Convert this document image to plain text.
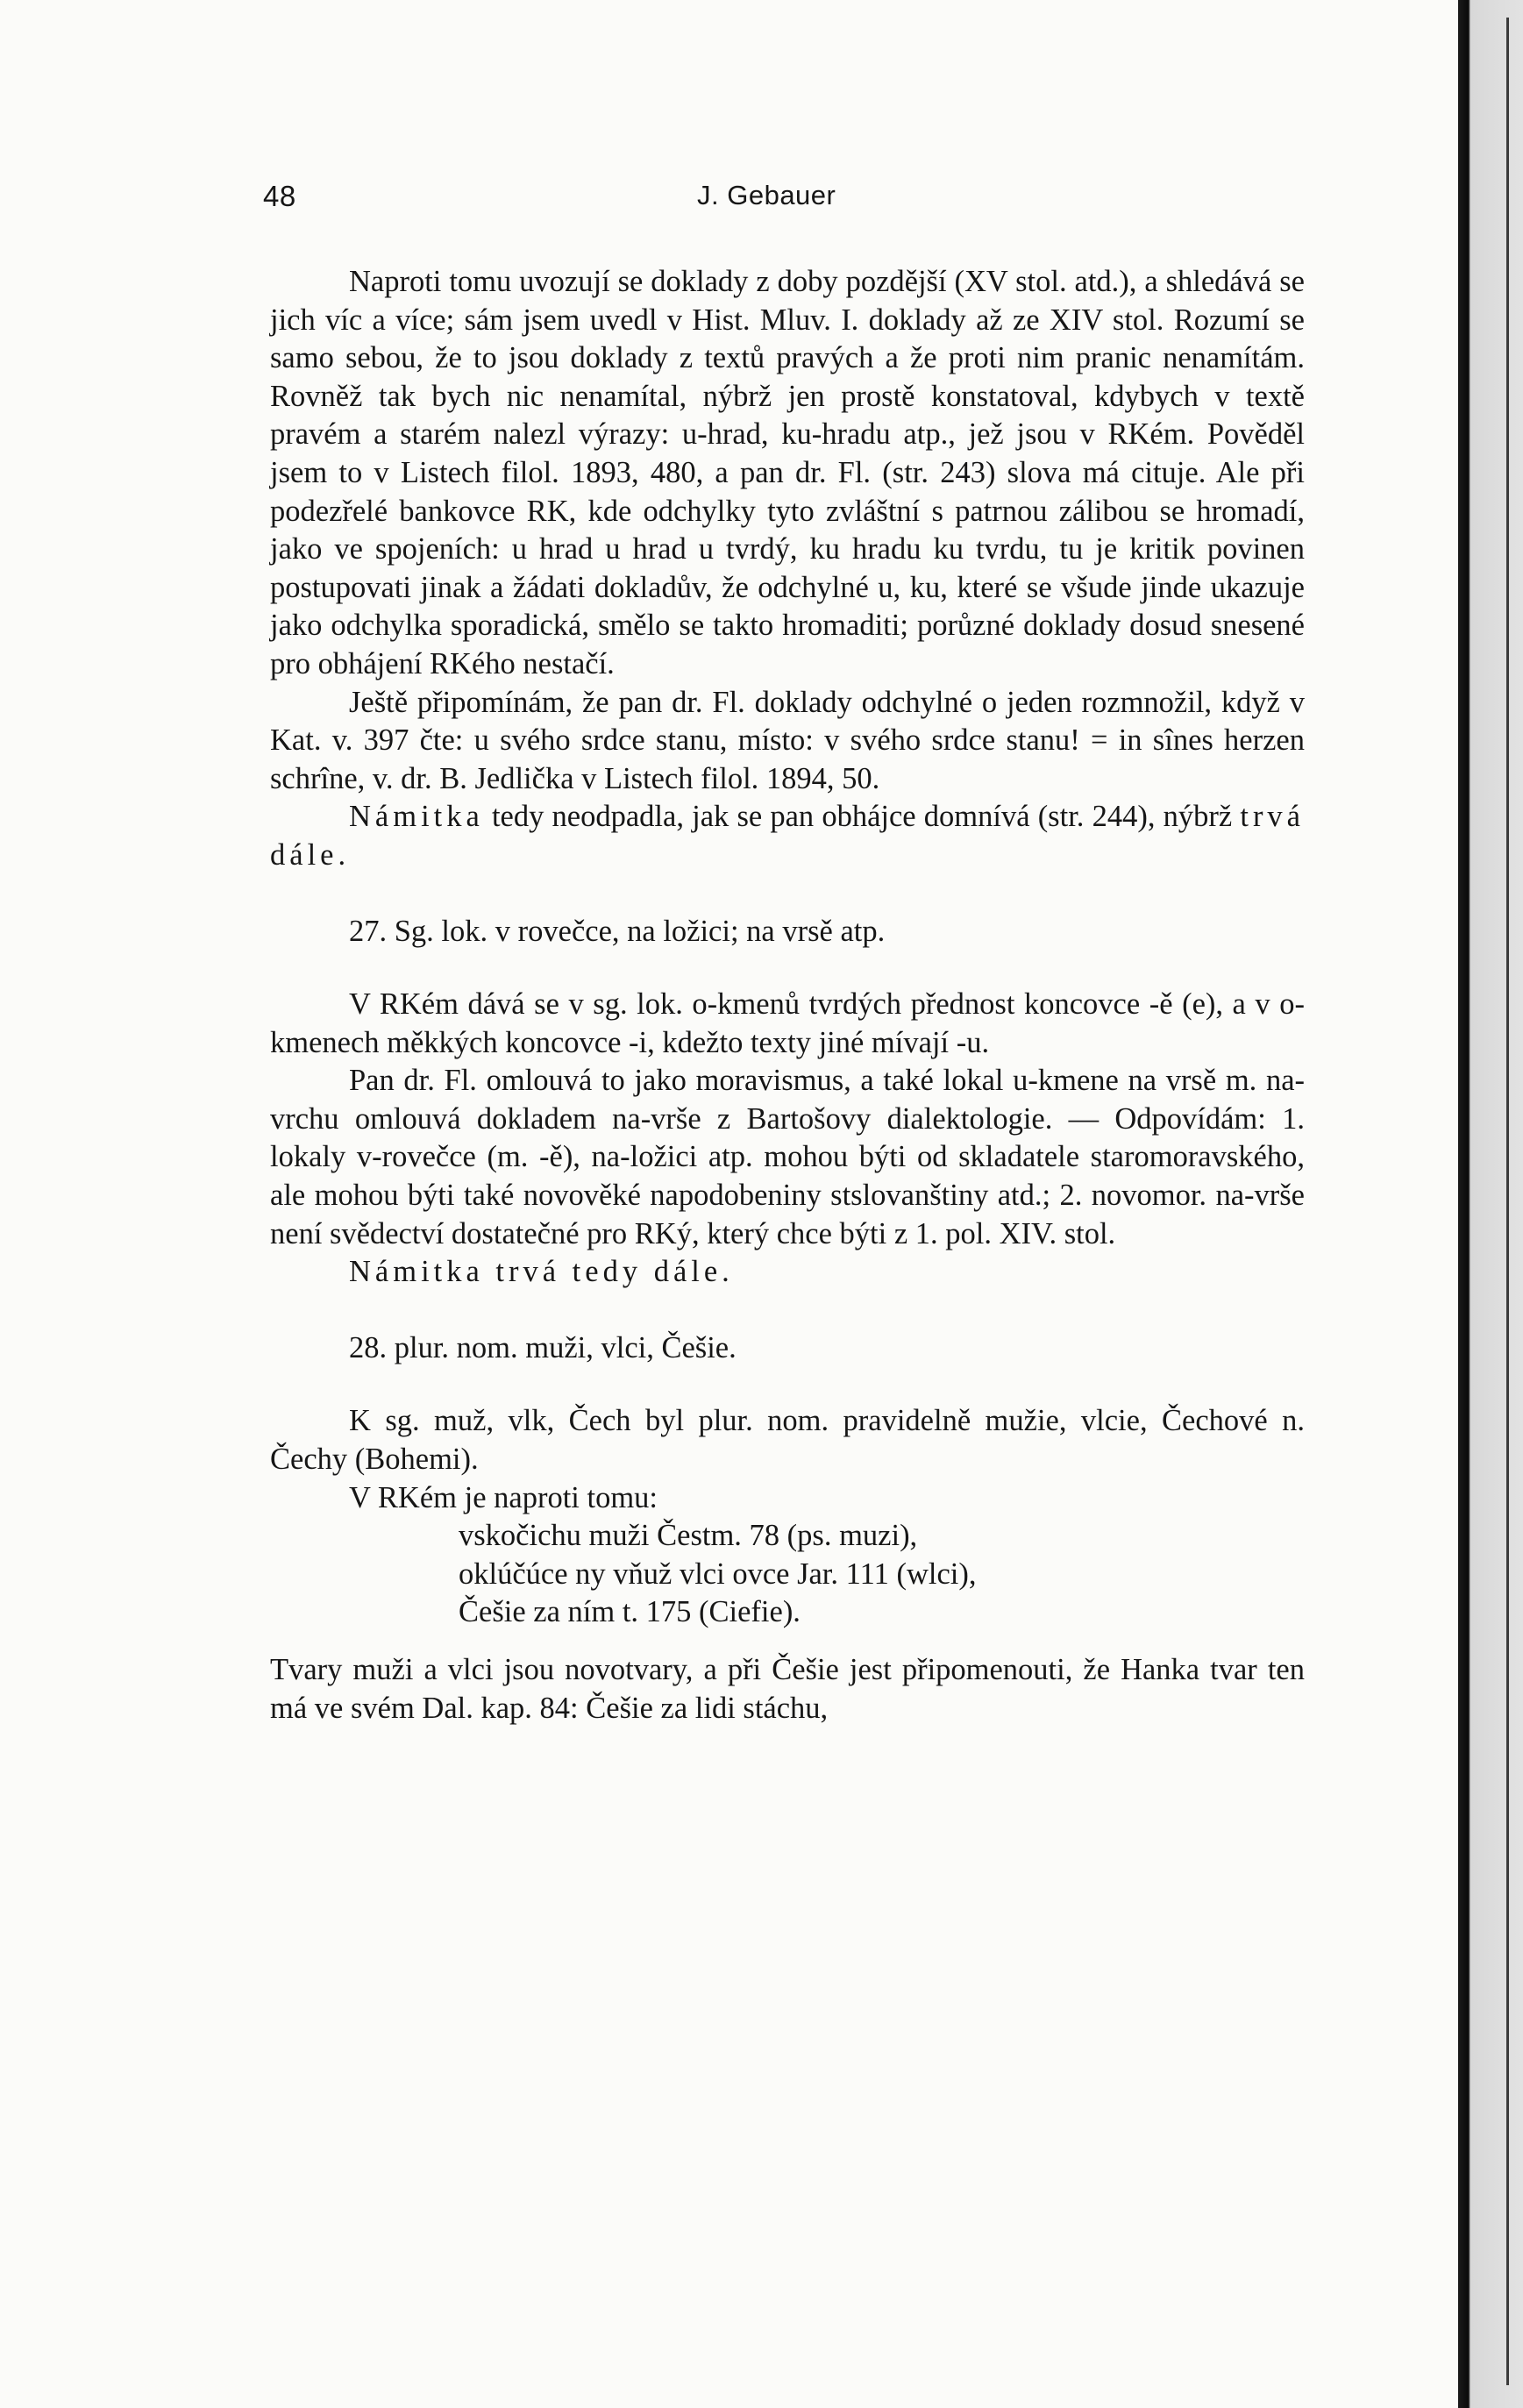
48	J. Gebauer

Naproti tomu uvozují se doklady z doby pozdější (XV stol. atd.), a shledává se jich víc a více; sám jsem uvedl v Hist. Mluv. I. doklady až ze XIV stol. Rozumí se samo sebou, že to jsou doklady z textů pravých a že proti nim pranic nenamítám. Rovněž tak bych nic nenamítal, nýbrž jen prostě konstatoval, kdybych v textě pravém a starém nalezl výrazy: u-hrad, ku-hradu atp., jež jsou v RKém. Pověděl jsem to v Listech filol. 1893, 480, a pan dr. Fl. (str. 243) slova má cituje. Ale při podezřelé bankovce RK, kde odchylky tyto zvláštní s patrnou zálibou se hromadí, jako ve spojeních: u hrad u hrad u tvrdý, ku hradu ku tvrdu, tu je kritik povinen postupovati jinak a žádati dokladův, že odchylné u, ku, které se všude jinde ukazuje jako odchylka sporadická, smělo se takto hromaditi; porůzné doklady dosud snesené pro obhájení RKého nestačí.

Ještě připomínám, že pan dr. Fl. doklady odchylné o jeden rozmnožil, když v Kat. v. 397 čte: u svého srdce stanu, místo: v svého srdce stanu! = in sînes herzen schrîne, v. dr. B. Jedlička v Listech filol. 1894, 50.

Námitka tedy neodpadla, jak se pan obhájce domnívá (str. 244), nýbrž trvá dále.

27. Sg. lok. v rovečce, na ložici; na vrsě atp.

V RKém dává se v sg. lok. o-kmenů tvrdých přednost koncovce -ě (e), a v o-kmenech měkkých koncovce -i, kdežto texty jiné mívají -u.

Pan dr. Fl. omlouvá to jako moravismus, a také lokal u-kmene na vrsě m. na-vrchu omlouvá dokladem na-vrše z Bartošovy dialektologie. — Odpovídám: 1. lokaly v-rovečce (m. -ě), na-ložici atp. mohou býti od skladatele staromoravského, ale mohou býti také novověké napodobeniny stslovanštiny atd.; 2. novomor. na-vrše není svědectví dostatečné pro RKý, který chce býti z 1. pol. XIV. stol.

Námitka trvá tedy dále.

28. plur. nom. muži, vlci, Češie.

K sg. muž, vlk, Čech byl plur. nom. pravidelně mužie, vlcie, Čechové n. Čechy (Bohemi).

V RKém je naproti tomu:

vskočichu muži Čestm. 78 (ps. muzi),

oklúčúce ny vňuž vlci ovce Jar. 111 (wlci),

Češie za ním t. 175 (Ciefie).

Tvary muži a vlci jsou novotvary, a při Češie jest připomenouti, že Hanka tvar ten má ve svém Dal. kap. 84: Češie za lidi stáchu,
